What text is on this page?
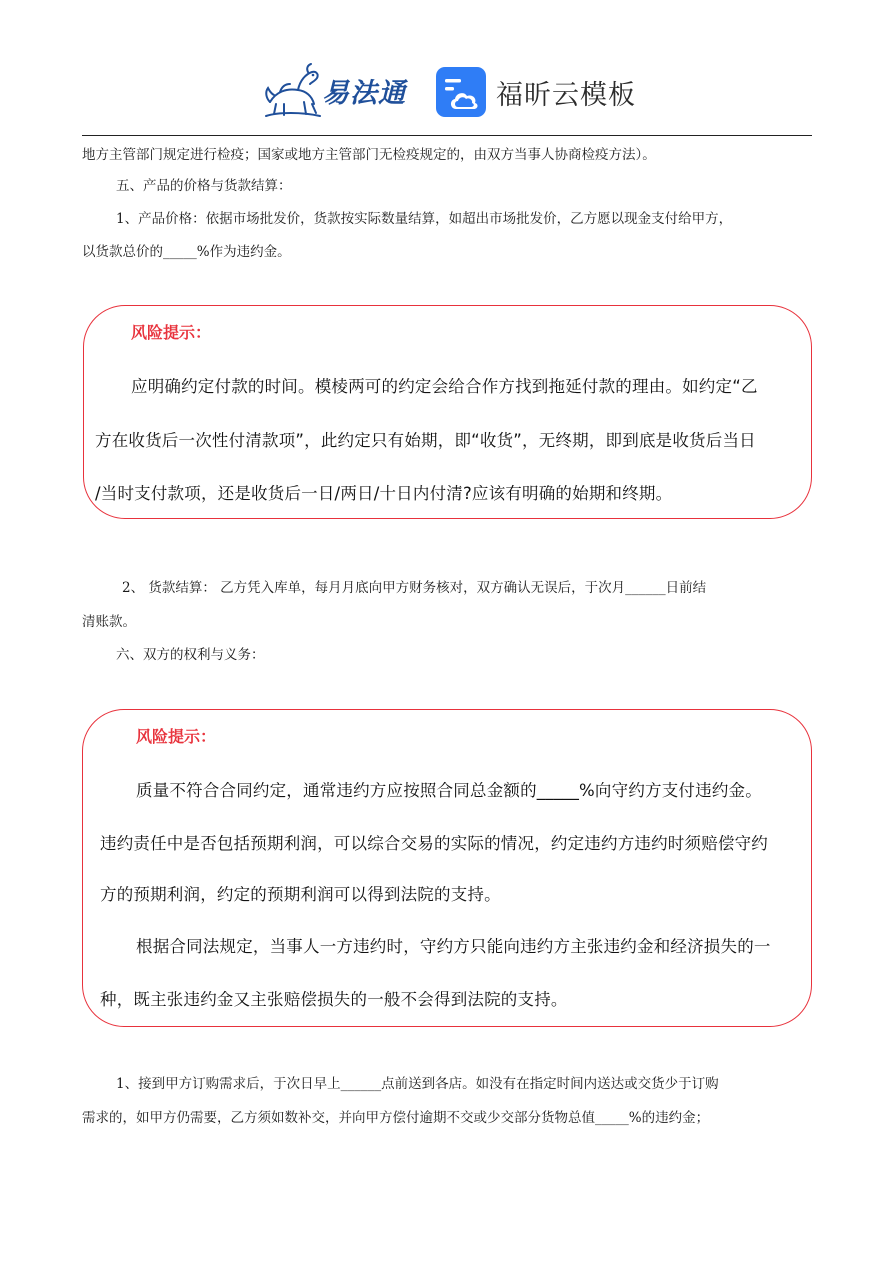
易法通	福昕云模板

地方主管部门规定进行检疫；国家或地方主管部门无检疫规定的，由双方当事人协商检疫方法）。

五、产品的价格与货款结算：

1、产品价格：依据市场批发价，货款按实际数量结算，如超出市场批发价，乙方愿以现金支付给甲方，

以货款总价的_____%作为违约金。

风险提示：
应明确约定付款的时间。模棱两可的约定会给合作方找到拖延付款的理由。如约定“乙
方在收货后一次性付清款项”，此约定只有始期，即“收货”，无终期，即到底是收货后当日
/当时支付款项，还是收货后一日/两日/十日内付清?应该有明确的始期和终期。

2、 货款结算： 乙方凭入库单，每月月底向甲方财务核对，双方确认无误后，于次月______日前结

清账款。

六、双方的权利与义务：

风险提示：
质量不符合合同约定，通常违约方应按照合同总金额的_____%向守约方支付违约金。
违约责任中是否包括预期利润，可以综合交易的实际的情况，约定违约方违约时须赔偿守约
方的预期利润，约定的预期利润可以得到法院的支持。
根据合同法规定，当事人一方违约时，守约方只能向违约方主张违约金和经济损失的一
种，既主张违约金又主张赔偿损失的一般不会得到法院的支持。

1、接到甲方订购需求后，于次日早上______点前送到各店。如没有在指定时间内送达或交货少于订购

需求的，如甲方仍需要，乙方须如数补交，并向甲方偿付逾期不交或少交部分货物总值_____%的违约金；
